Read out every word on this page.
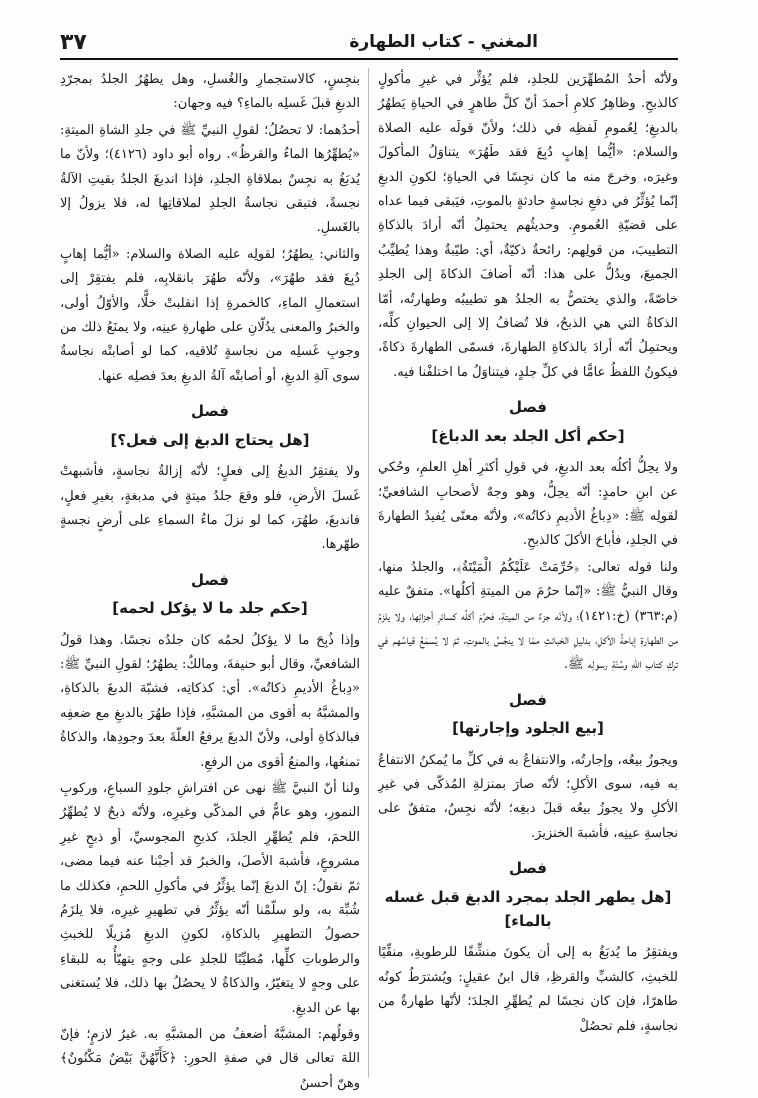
٣٧	المغني - كتاب الطهارة

ولأنّه أحدُ المُطهِّرَين للجلدِ، فلم يُؤثِّر في غيرِ مأكولٍ كالذبحِ. وظاهِرُ كلامِ أحمدَ أنّ كلَّ طاهرٍ في الحياةِ يَطهُرُ بالدبغِ؛ لِعُمومِ لَفظِه في ذلك؛ ولأنّ قولَه عليه الصلاة والسلام: «أيُّما إهابٍ دُبِغَ فقد طَهُرَ» يتناوَلُ المأكولَ وغيرَه، وخرجَ منه ما كان نجِسًا في الحياةِ؛ لكونِ الدبغِ إنّما يُؤثِّرُ في دفعِ نجاسةٍ حادثةٍ بالموتِ، فيَبقى فيما عداه على قضيّةِ العُمومِ. وحديثُهم يحتمِلُ أنّه أرادَ بالذكاةِ التطييبَ، من قولِهم: رائحةٌ ذكيّةٌ، أي: طيّبةٌ وهذا يُطيِّبُ الجميعَ، ويدُلُّ على هذا: أنّه أضافَ الذكاةَ إلى الجلدِ خاصّةً، والذي يختصُّ به الجلدُ هو تطييبُه وطهارتُه، أمّا الذكاةُ التي هي الذبحُ، فلا تُضافُ إلا إلى الحيوانِ كلِّه، ويحتمِلُ أنّه أرادَ بالذكاةِ الطهارةَ، فسمّى الطهارةَ ذكاةً، فيكونُ اللفظُ عامًّا في كلِّ جلدٍ، فيتناوَلُ ما اختلفْنا فيه.

فصل
[حكم أكل الجلد بعد الدباغ]

ولا يحِلُّ أكلُه بعد الدبغِ، في قولِ أكثرِ أهلِ العلمِ، وحُكي عن ابنِ حامدٍ: أنّه يحِلُّ، وهو وجهٌ لأصحابِ الشافعيِّ؛ لقولِه ﷺ: «دِباغُ الأديمِ ذكاتُه»، ولأنّه معنًى يُفيدُ الطهارةَ في الجلدِ، فأباحَ الأكلَ كالذبحِ.

ولنا قوله تعالى: ﴿حُرِّمَتْ عَلَيْكُمُ الْمَيْتَةُ﴾، والجلدُ منها، وقال النبيُّ ﷺ: «إنّما حرُمَ من الميتةِ أكلُها». متفقٌ عليه (م:٣٦٣) (خ:١٤٢١)؛ ولأنّه جزءٌ من الميتةِ، فحرُمَ أكلُه كسائرِ أجزائِها، ولا يلزَمُ من الطهارةِ إباحةُ الأكلِ، بدليلِ الخبائثِ ممّا لا ينجُسُ بالموتِ، ثمّ لا يُسمَعُ قياسُهم في تركِ كتابِ اللهِ وسُنّةِ رسولِه ﷺ.

فصل
[بيع الجلود وإجارتها]

ويجوزُ بيعُه، وإجارتُه، والانتفاعُ به في كلِّ ما يُمكنُ الانتفاعُ به فيه، سوى الأكلِ؛ لأنّه صارَ بمنزلةِ المُذكّى في غيرِ الأكلِ ولا يجوزُ بيعُه قبلَ دبغِه؛ لأنّه نجِسٌ، متفقٌ على نجاسةِ عينِه، فأشبهَ الخنزيرَ.

فصل
[هل يطهر الجلد بمجرد الدبغ قبل غسله بالماء]

ويفتقِرُ ما يُدبَغُ به إلى أن يكونَ منشِّفًا للرطوبةِ، منقِّيًا للخبثِ، كالشبِّ والقرظِ، قال ابنُ عقيلٍ: ويُشترَطُ كونُه طاهرًا، فإن كان نجسًا لم يُطهِّرِ الجلدَ؛ لأنّها طهارةٌ من نجاسةٍ، فلم تحصُلْ

بنجِسٍ، كالاستجمارِ والغُسلِ، وهل يطهُرُ الجلدُ بمجرّدِ الدبغِ قبلَ غَسلِه بالماءِ؟ فيه وجهان:

أحدُهما: لا تحصُلُ؛ لقولِ النبيِّ ﷺ في جلدِ الشاةِ الميتةِ: «يُطهِّرُها الماءُ والقرظُ». رواه أبو داود (٤١٢٦)؛ ولأنّ ما يُدبَغُ به نجِسٌ بملاقاةِ الجلدِ، فإذا اندبغَ الجلدُ بقيتِ الآلةُ نجسةً، فتبقى نجاسةُ الجلدِ لملاقاتِها له، فلا يزولُ إلا بالغَسلِ.

والثاني: يطهُرُ؛ لقولِه عليه الصلاة والسلام: «أيُّما إهابٍ دُبِغَ فقد طهُرَ»، ولأنّه طهُرَ بانقلابِه، فلم يفتقِرْ إلى استعمالِ الماءِ، كالخمرةِ إذا انقلبتْ خلًّا، والأوّلُ أولى، والخبرُ والمعنى يدُلّانِ على طهارةِ عينِه، ولا يمنَعُ ذلك من وجوبِ غَسلِه من نجاسةٍ تُلاقيه، كما لو أصابتْه نجاسةٌ سوى آلةِ الدبغِ، أو أصابتْه آلةُ الدبغِ بعدَ فصلِه عنها.

فصل
[هل يحتاج الدبغ إلى فعل؟]

ولا يفتقِرُ الدبغُ إلى فعلٍ؛ لأنّه إزالةُ نجاسةٍ، فأشبهتْ غَسلَ الأرضِ، فلو وقعَ جلدُ ميتةٍ في مدبغةٍ، بغيرِ فعلٍ، فاندبغَ، طهُرَ، كما لو نزلَ ماءُ السماءِ على أرضٍ نجسةٍ طهّرها.

فصل
[حكم جلد ما لا يؤكل لحمه]

وإذا ذُبِحَ ما لا يؤكلُ لحمُه كان جلدُه نجسًا. وهذا قولُ الشافعيِّ، وقال أبو حنيفةَ، ومالكٌ: يطهُرُ؛ لقولِ النبيِّ ﷺ: «دِباغُ الأديمِ ذكاتُه». أي: كذكاتِه، فشبّهَ الدبغَ بالذكاةِ، والمشبَّهُ به أقوى من المشبَّهِ، فإذا طهُرَ بالدبغِ مع ضعفِه فبالذكاةِ أولى، ولأنّ الدبغَ يرفعُ العلّةَ بعدَ وجودِها، والذكاةُ تمنعُها، والمنعُ أقوى من الرفعِ.

ولنا أنّ النبيَّ ﷺ نهى عن افتراشِ جلودِ السباعِ، وركوبِ النمورِ، وهو عامٌّ في المذكّى وغيرِه، ولأنّه ذبحٌ لا يُطهِّرُ اللحمَ، فلم يُطهِّرِ الجلدَ، كذبحِ المجوسيِّ، أو ذبحٍ غيرِ مشروعٍ، فأشبهَ الأصلَ، والخبرُ قد أجبْنا عنه فيما مضى، ثمّ نقولُ: إنّ الدبغَ إنّما يؤثِّرُ في مأكولِ اللحمِ، فكذلك ما شُبِّهَ به، ولو سلّمْنا أنّه يؤثِّرُ في تطهيرِ غيرِه، فلا يلزَمُ حصولُ التطهيرِ بالذكاةِ، لكونِ الدبغِ مُزيلًا للخبثِ والرطوباتِ كلِّها، مُطيِّبًا للجلدِ على وجهٍ يتهيّأُ به للبقاءِ على وجهٍ لا يتغيّرُ، والذكاةُ لا يحصُلُ بها ذلك، فلا يُستغنى بها عن الدبغِ.

وقولُهم: المشبَّهُ أضعفُ من المشبَّهِ به. غيرُ لازمٍ؛ فإنّ اللهَ تعالى قال في صفةِ الحورِ: ﴿كَأَنَّهُنَّ بَيْضٌ مَكْنُونٌ﴾ وهنّ أحسنُ
